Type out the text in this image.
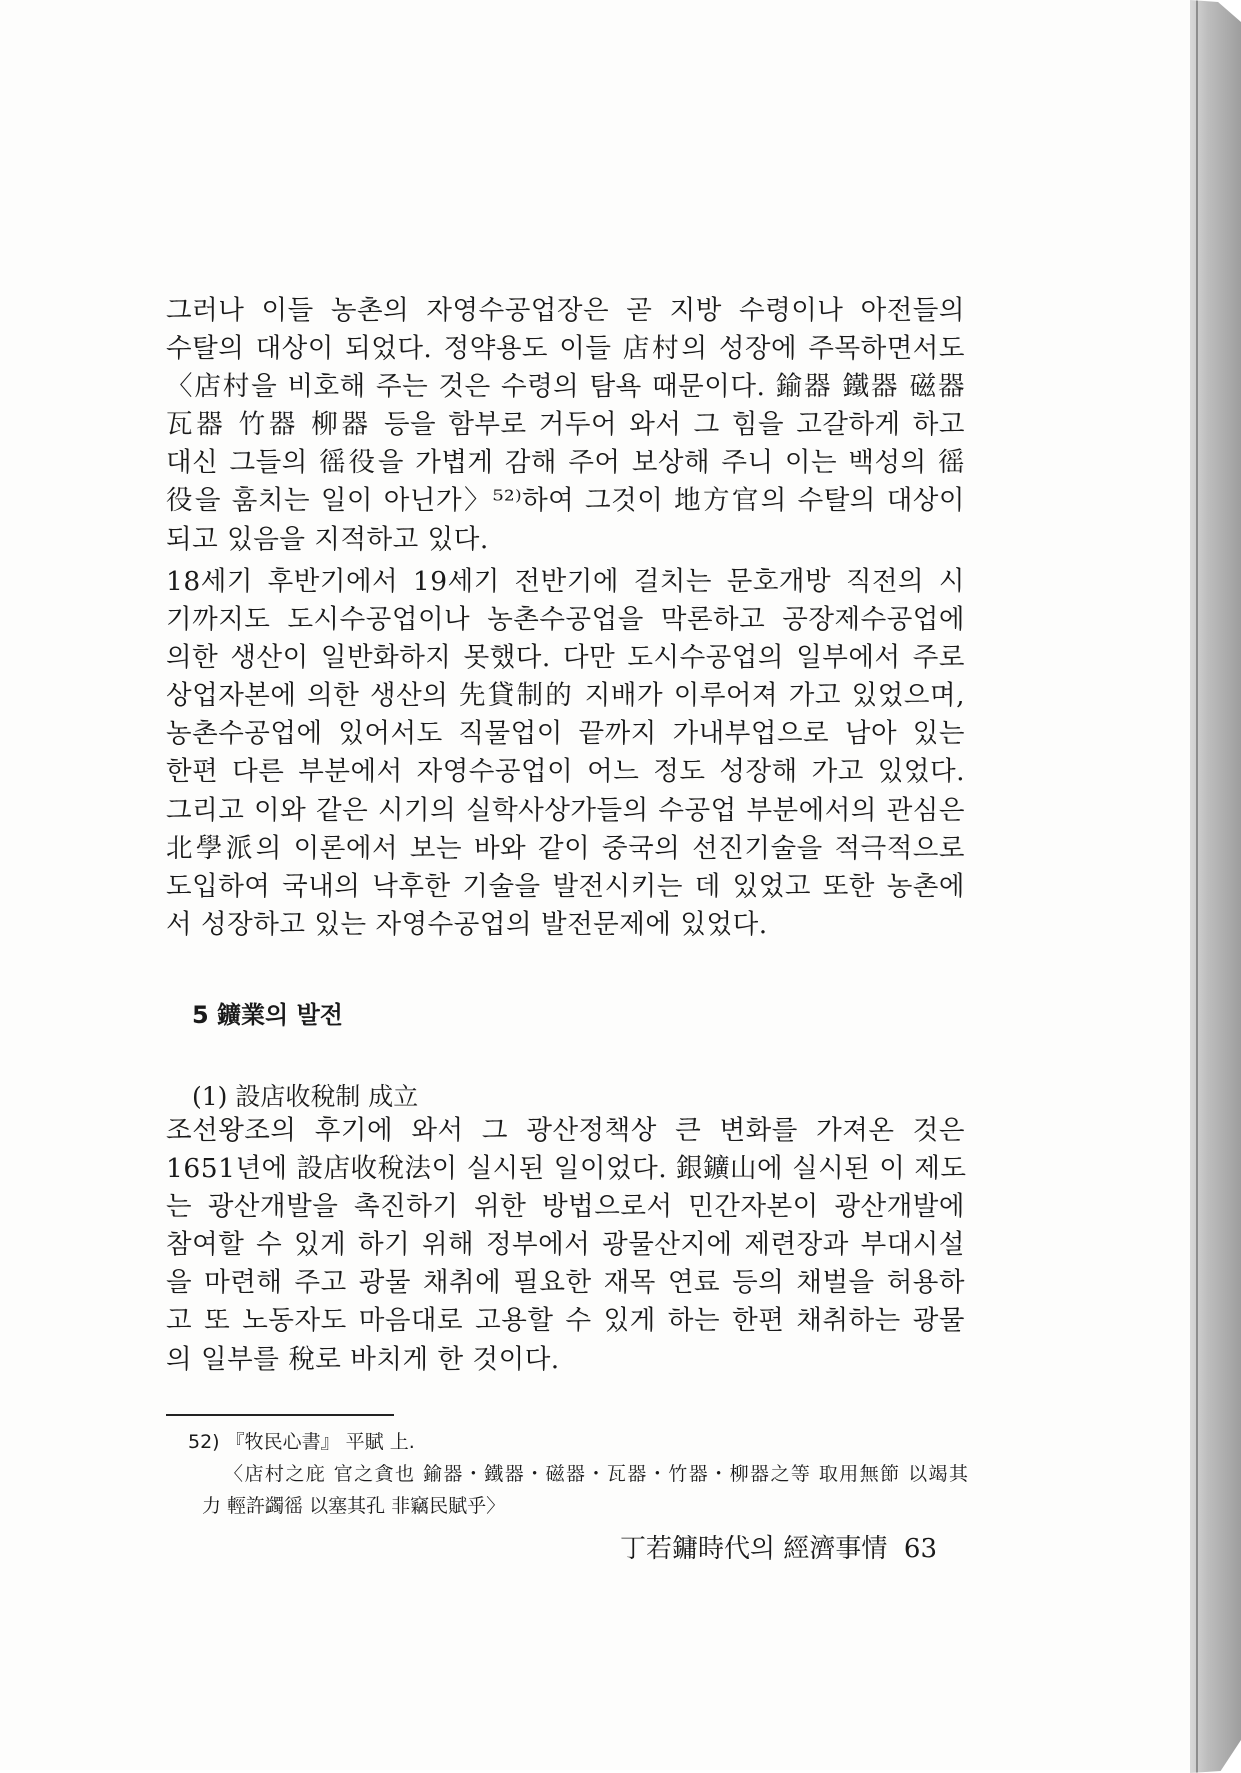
그러나 이들 농촌의 자영수공업장은 곧 지방 수령이나 아전들의
수탈의 대상이 되었다. 정약용도 이들 店村의 성장에 주목하면서도
〈店村을 비호해 주는 것은 수령의 탐욕 때문이다. 鍮器 鐵器 磁器
瓦器 竹器 柳器 등을 함부로 거두어 와서 그 힘을 고갈하게 하고
대신 그들의 徭役을 가볍게 감해 주어 보상해 주니 이는 백성의 徭
役을 훔치는 일이 아닌가〉⁵²⁾하여 그것이 地方官의 수탈의 대상이
되고 있음을 지적하고 있다.
18세기 후반기에서 19세기 전반기에 걸치는 문호개방 직전의 시
기까지도 도시수공업이나 농촌수공업을 막론하고 공장제수공업에
의한 생산이 일반화하지 못했다. 다만 도시수공업의 일부에서 주로
상업자본에 의한 생산의 先貸制的 지배가 이루어져 가고 있었으며,
농촌수공업에 있어서도 직물업이 끝까지 가내부업으로 남아 있는
한편 다른 부분에서 자영수공업이 어느 정도 성장해 가고 있었다.
그리고 이와 같은 시기의 실학사상가들의 수공업 부분에서의 관심은
北學派의 이론에서 보는 바와 같이 중국의 선진기술을 적극적으로
도입하여 국내의 낙후한 기술을 발전시키는 데 있었고 또한 농촌에
서 성장하고 있는 자영수공업의 발전문제에 있었다.
5 鑛業의 발전
(1) 設店收稅制 成立
조선왕조의 후기에 와서 그 광산정책상 큰 변화를 가져온 것은
1651년에 設店收稅法이 실시된 일이었다. 銀鑛山에 실시된 이 제도
는 광산개발을 촉진하기 위한 방법으로서 민간자본이 광산개발에
참여할 수 있게 하기 위해 정부에서 광물산지에 제련장과 부대시설
을 마련해 주고 광물 채취에 필요한 재목 연료 등의 채벌을 허용하
고 또 노동자도 마음대로 고용할 수 있게 하는 한편 채취하는 광물
의 일부를 稅로 바치게 한 것이다.
52) 『牧民心書』 平賦 上.
〈店村之庇 官之貪也 鍮器・鐵器・磁器・瓦器・竹器・柳器之等 取用無節 以竭其
力 輕許蠲徭 以塞其孔 非竊民賦乎〉
丁若鏞時代의 經濟事情 63
